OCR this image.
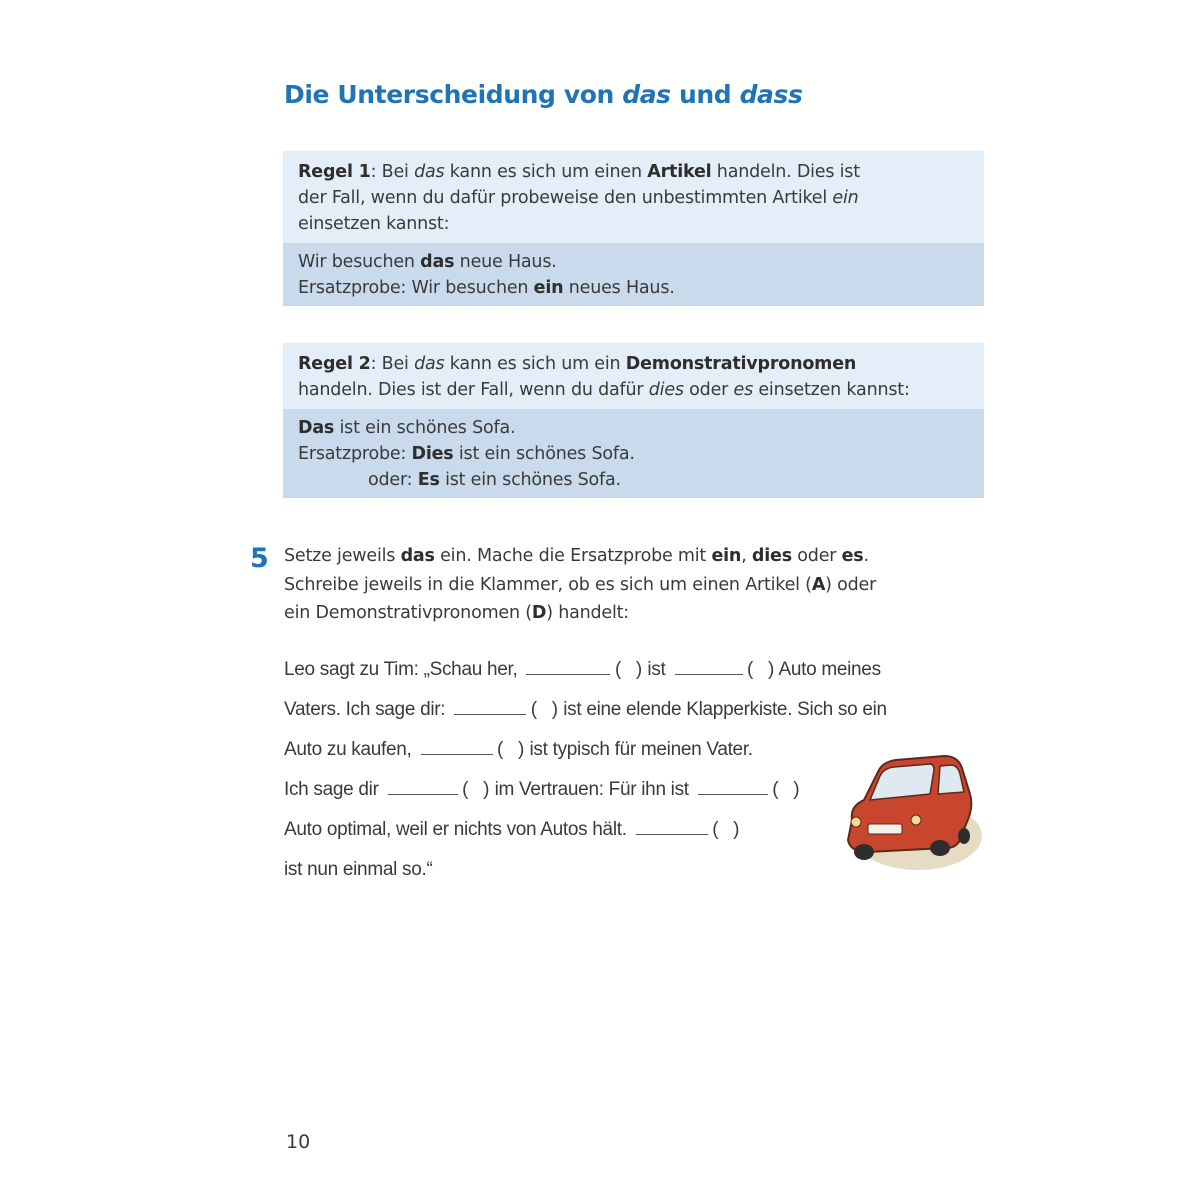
Die Unterscheidung von das und dass
Regel 1: Bei das kann es sich um einen Artikel handeln. Dies ist
der Fall, wenn du dafür probeweise den unbestimmten Artikel ein
einsetzen kannst:
Wir besuchen das neue Haus.
Ersatzprobe: Wir besuchen ein neues Haus.
Regel 2: Bei das kann es sich um ein Demonstrativpronomen
handeln. Dies ist der Fall, wenn du dafür dies oder es einsetzen kannst:
Das ist ein schönes Sofa.
Ersatzprobe: Dies ist ein schönes Sofa.
oder: Es ist ein schönes Sofa.
5 Setze jeweils das ein. Mache die Ersatzprobe mit ein, dies oder es.
Schreibe jeweils in die Klammer, ob es sich um einen Artikel (A) oder
ein Demonstrativpronomen (D) handelt:
Leo sagt zu Tim: „Schau her,	(   ) ist	(   ) Auto meines
Vaters. Ich sage dir:	(   ) ist eine elende Klapperkiste. Sich so ein
Auto zu kaufen,	(   ) ist typisch für meinen Vater.
Ich sage dir	(   ) im Vertrauen: Für ihn ist	(   )
Auto optimal, weil er nichts von Autos hält.	(   )
ist nun einmal so.“
10
